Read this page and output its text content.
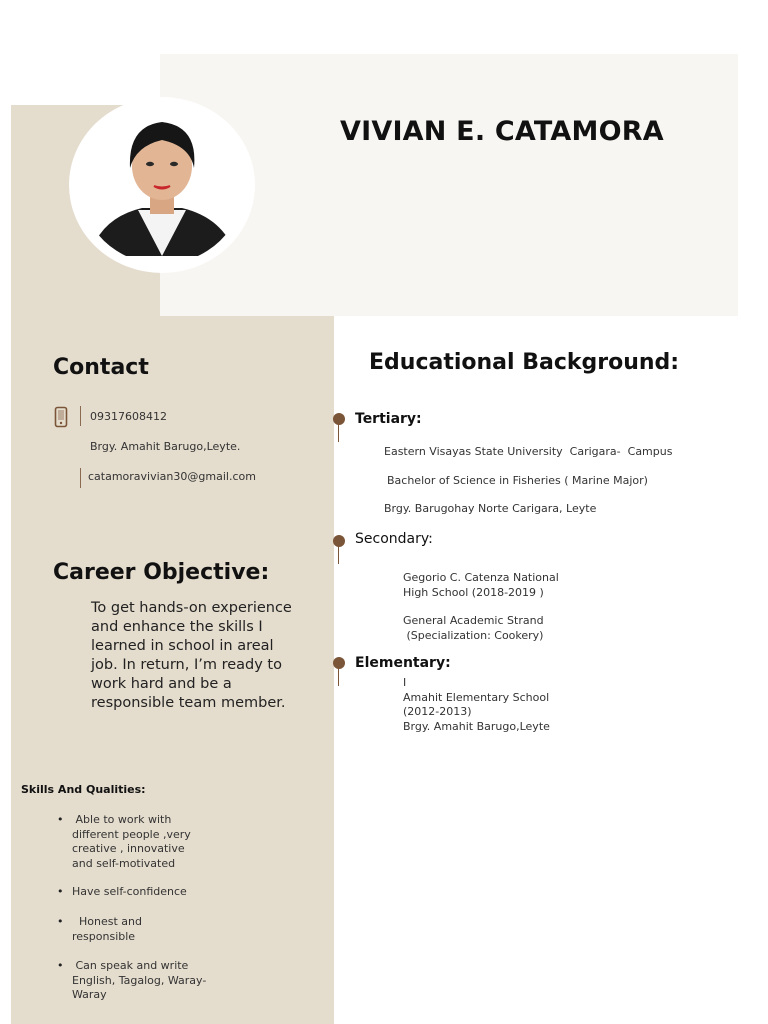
VIVIAN E. CATAMORA
Contact
09317608412
Brgy. Amahit Barugo,Leyte.
catamoravivian30@gmail.com
Career Objective:
To get hands-on experience and enhance the skills I learned in school in areal job. In return, I’m ready to work hard and be a responsible team member.
Skills And Qualities:
• Able to work with different people ,very creative , innovative and self-motivated
• Have self-confidence
• Honest and responsible
• Can speak and write English, Tagalog, Waray-Waray
Educational Background:
Tertiary:
Eastern Visayas State University  Carigara-  Campus
Bachelor of Science in Fisheries ( Marine Major)
Brgy. Barugohay Norte Carigara, Leyte
Secondary:
Gegorio C. Catenza National
High School (2018-2019 )
General Academic Strand
(Specialization: Cookery)
Elementary:
I
Amahit Elementary School
(2012-2013)
Brgy. Amahit Barugo,Leyte
